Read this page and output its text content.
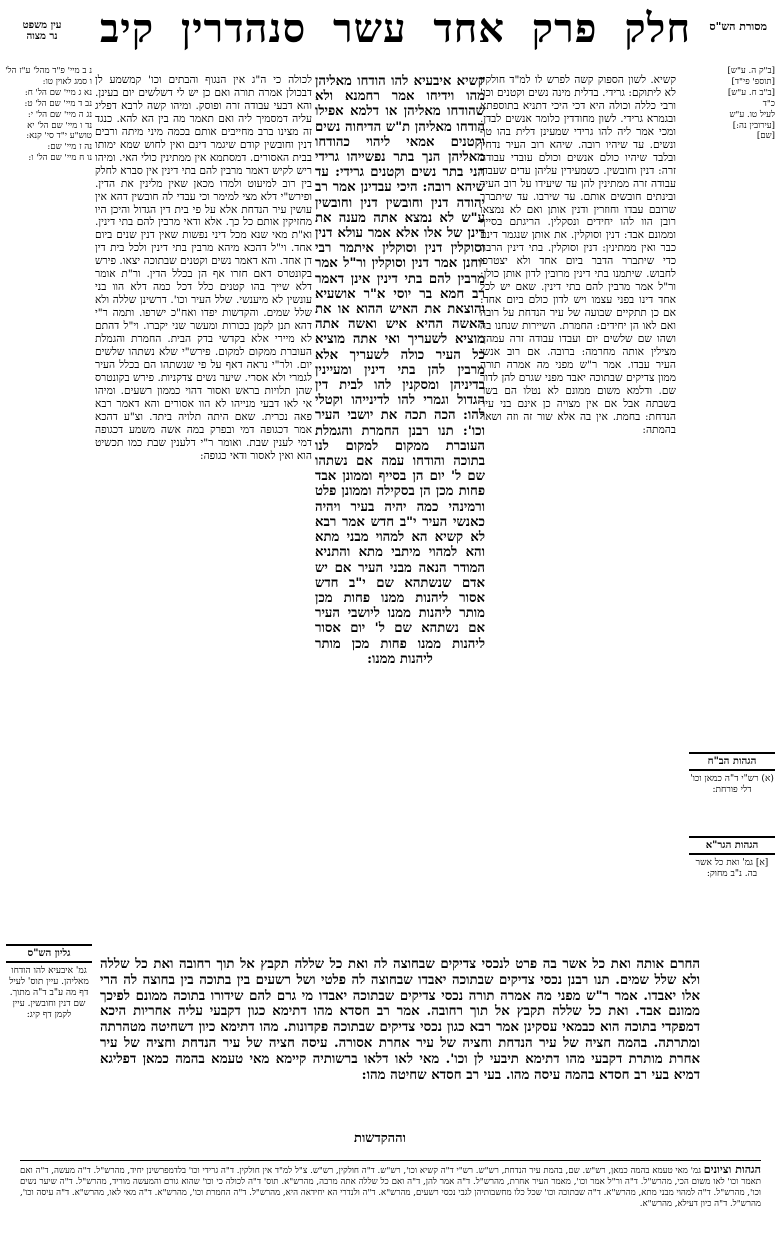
עין משפט
נר מצוה
מסורת הש"ס
חלק
פרק
אחד
עשר
סנהדרין
קיב
נ ב מיי' פ"ד מהל' ע"ז הל' ו סמג לאוין טו:
נא ג מיי' שם הל' ח:
נב ד מיי' שם הל' ט:
נג ה מיי' שם הל' י:
נד ו מיי' שם הל' יא טוש"ע י"ד סי' קנא:
נה ז מיי' שם:
נו ח מיי' שם הל' ו:
[ב"ק ה. ע"ש]
[תוספ' פי"ד]
[ב"ב ח. ע"ש]
כ"ד
לעיל טו. ע"ש
[עירובין נה:]
[שם]
קשיא. לשון הספוק קשה לפרש לו למ"ד חולקין לא ליתוקם: גרידי. בדלית מינה נשים וקטנים וכו' ורבי כללה וכולה היא דכי היכי דתניא בתוספתא ובגמרא גרידי. לשון מחודדין כלומר אנשים לבדן. ומכי אמר ליה להו גרידי שמעינן דלית בהו טף ונשים. עד שיהיו רובה. שיהא רוב העיר נדחין ובלבד שיהיו כולם אנשים וכולם עובדי עבודה זרה: דנין וחובשין. כשמעידין עליהן עדים שעבדו עבודה זרה ממתינין להן עד שיעידו על רוב העיר ובינתים חובשים אותם. עד שירבו. עד שיתברר שרובם עבדו וחוזרין ודנין אותן ואם לא נמצאו רובן הוו להו יחידים ונסקלין. הריגתם בסייף וממונם אבד: דנין וסוקלין. את אותן שנגמר דינם כבר ואין ממתינין: דנין וסוקלין. בתי דינין הרבה כדי שיתברר הדבר ביום אחד ולא יצטרכו לחבוש. שיתמנו בתי דינין מרובין לדון אותן כולן: ור"ל אמר מרבין להם בתי דינין. שאם יש לכל אחד דינו בפני עצמו ויש לדון כולם ביום אחד: אם כן תתקיים שבועה של עיר הנדחת על רובה ואם לאו הן יחידים: החמרת. השיירות שנחנו בה ושהו שם שלשים יום ועבדו עבודה זרה עמהן. מצילין אותה מחרמה: ברובה. אם רוב אנשי העיר עבדו. אמר ר"ש מפני מה אמרה תורה ממון צדיקים שבתוכה יאבד מפני שגרם להן לדור שם. ודלמא משום ממונם לא נטלו הם בשר בשבתה אבל אם אין מצויה כן אינם בני עיר הנדחת: בחמת. אין בה אלא שור זה וזה ושאר בהמתה:
קשיא איבעיא להו הודחו מאליהן מהו וידיחו אמר רחמנא ולא שהודחו מאליהן או דלמא אפילו הודחו מאליהן ת"ש הדיחוה נשים וקטנים אמאי ליהוי כהודחו מאליהן הנך בתר נפשייהו גרידי הני בתר נשים וקטנים גרידי: עד שיהא רובה: היכי עבדינן אמר רב יהודה דנין וחובשין דנין וחובשין ע"ש לא נמצא אתה מענה את דינן של אלו אלא אמר עולא דנין וסוקלין דנין וסוקלין איתמר רבי יוחנן אמר דנין וסוקלין ור"ל אמר מרבין להם בתי דינין אינן דאמר רב חמא בר יוסי א"ר אושעיא והוצאת את האיש ההוא או את האשה ההיא איש ואשה אתה מוציא לשעריך ואי אתה מוציא כל העיר כולה לשעריך אלא מרבין להן בתי דינין ומעיינין בדיניהן ומסקנין להו לבית דין הגדול וגמרי להו לדינייהו וקטלי להו: הכה תכה את יושבי העיר וכו': תנו רבנן החמרת והגמלת העוברת ממקום למקום לנו בתוכה והודחו עמה אם נשתהו שם ל' יום הן בסייף וממונן אבד פחות מכן הן בסקילה וממונן פלט ורמינהי כמה יהיה בעיר ויהיה כאנשי העיר י"ב חדש אמר רבא לא קשיא הא למהוי מבני מתא והא למהוי מיתבי מתא והתניא המודר הנאה מבני העיר אם יש אדם שנשתהא שם י"ב חדש אסור ליהנות ממנו פחות מכן מותר ליהנות ממנו ליושבי העיר אם נשתהא שם ל' יום אסור ליהנות ממנו פחות מכן מותר ליהנות ממנו:
לכולה כי ה"ג אין הנגוף והבתים וכו' קמשמע לן דבכולן אמרה תורה ואם כן יש לי דשלשים יום בעינן. והא דבעי עבודה זרה ופוסק. ומיהו קשה לרבא דפליג עליה דמסמיך ליה ואם תאמר מה בין הא להא. כנגד זה מצינו ברב מחייבים אותם בכמה מיני מיתה ורבים דנין וחובשין קודם שיגמר דינם ואין לחוש שמא ימותו בבית האסורים. דמסתמא אין ממתינין כולי האי. ומיהו ריש לקיש דאמר מרבין להם בתי דינין אין סברא לחלק בין רוב למיעוט ולמדו מכאן שאין מלינין את הדין. ופירש"י דלא מצי למימר וכי עבדי לה חובשין דהא אין עושין עיר הנדחת אלא על פי בית דין הגדול והיכן היו מחזיקין אותם כל כך. אלא ודאי מרבין להם בתי דינין. וא"ת מאי שנא מכל דיני נפשות שאין דנין שנים ביום אחד. וי"ל דהכא מיהא מרבין בתי דינין ולכל בית דין דן אחד. והא דאמר נשים וקטנים שבתוכה יצאו. פירש בקונטרס דאם חזרו אף הן בכלל הדין. ור"ת אומר דלא שייך בהו קטנים כלל דכל כמה דלא הוו בני עונשין לא מיענשי. שלל העיר וכו'. דרשינן שללה ולא שלל שמים. והקדשות יפדו ואח"כ ישרפו. ותמה ר"י דהא תנן לקמן בכורות ומעשר שני יקברו. וי"ל דהתם לא מיירי אלא בקדשי בדק הבית. החמרת והגמלת העוברת ממקום למקום. פירש"י שלא נשתהו שלשים יום. ולר"י נראה דאף על פי שנשתהו הם בכלל העיר לגמרי ולא אסרי. שיער נשים צדקניות. פירש בקונטרס שהן תלויות בראש ואסור דהוי כממון רשעים. ומיהו אי לאו דבעי מנייהו לא הוו אסורים והא דאמר רבא פאה נכרית. שאם היתה תלויה ביתד. וצ"ע דהכא אמר דכגופה דמי ובפרק במה אשה משמע דכגופה דמי לענין שבת. ואומר ר"י דלענין שבת כמו תכשיט הוא ואין לאסור ודאי כגופה:
החרם אותה ואת כל אשר בה פרט לנכסי צדיקים שבחוצה לה ואת כל שללה תקבץ אל תוך רחובה ואת כל שללה ולא שלל שמים. תנו רבנן נכסי צדיקים שבתוכה יאבדו שבחוצה לה פלטי ושל רשעים בין בתוכה בין בחוצה לה הרי אלו יאבדו. אמר ר"ש מפני מה אמרה תורה נכסי צדיקים שבתוכה יאבדו מי גרם להם שידורו בתוכה ממונם לפיכך ממונם אבד. ואת כל שללה תקבץ אל תוך רחובה. אמר רב חסדא מהו דתימא כגון דקבעי עליה אחריות היכא דמפקדי בתוכה הוא כבמאי עסקינן אמר רבא כגון נכסי צדיקים שבתוכה פקדונות. מהו דתימא כיון דשחיטה מטהרתה ומתרתה. בהמה חציה של עיר הנדחת וחציה של עיר אחרת אסורה. עיסה חציה של עיר הנדחת וחציה של עיר אחרת מותרת דקבעי מהו דתימא תיבעי לן וכו'. מאי לאו דלאו ברשותיה קיימא מאי טעמא בהמה כמאן דפליגא דמיא בעי רב חסדא בהמה עיסה מהו. בעי רב חסדא שחיטה מהו:
וההקדשות
גליון הש"ס
גמ' איבעיא להו הודחו מאליהן. עיין תוס' לעיל דף מה ע"ב ד"ה מתוך. שם דנין וחובשין. עיין לקמן דף קיג:
הגהות הב"ח
(א) רש"י ד"ה כמאן וכו' דלי פורחת:
הגהות הגר"א
[א] גמ' ואת כל אשר בה. נ"ב מחוק:
הגהות וציונים גמ' מאי טעמא בהמה כמאן, רש"ש. שם, בהמת עיר הנדחת, רש"ש. רש"י ד"ה קשיא וכו', רש"ש. ד"ה חולקין, רש"ש. צ"ל למ"ד אין חולקין. ד"ה גרידי וכו' בלדמפרשינן יחיד, מהרש"ל. ד"ה מעשה, ד"ה ואם תאמר וכו' לאו משום הכי, מהרש"ל. ד"ה ור"ל אמר וכו', מאמר העיר אחרת, מהרש"ל. ד"ה אמר להן, ד"ה ואם כל שללה אתה מרבה, מהרש"א. תוס' ד"ה לכולה כי וכו' שהוא גורם והמעשה מוריד, מהרש"ל. ד"ה שיער נשים וכו', מהרש"ל. ד"ה למהוי מבני מתא, מהרש"א. ד"ה שבתוכה וכו' שכל כלו מחשבותיהן לגבי נכסי רשעים, מהרש"א. ד"ה ולנדרי הא יחידאה היא, מהרש"ל. ד"ה החמרת וכו', מהרש"א. ד"ה מאי לאו, מהרש"א. ד"ה עיסה וכו', מהרש"ל. ד"ה כיון דעילא, מהרש"א.
